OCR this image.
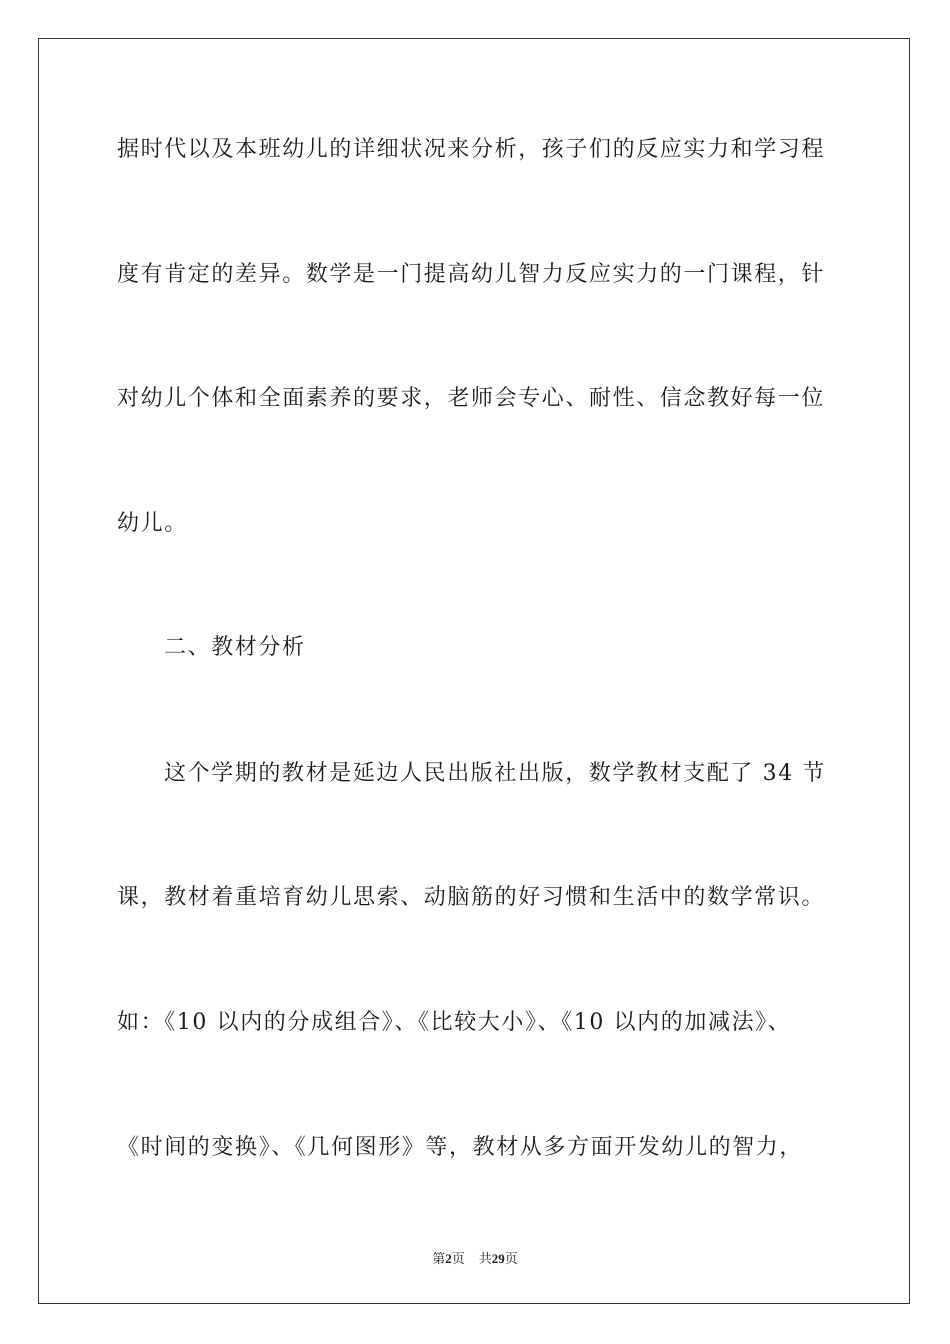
据时代以及本班幼儿的详细状况来分析，孩子们的反应实力和学习程
度有肯定的差异。数学是一门提高幼儿智力反应实力的一门课程，针
对幼儿个体和全面素养的要求，老师会专心、耐性、信念教好每一位
幼儿。
二、教材分析
这个学期的教材是延边人民出版社出版，数学教材支配了 34 节
课，教材着重培育幼儿思索、动脑筋的好习惯和生活中的数学常识。
如：《10 以内的分成组合》、《比较大小》、《10 以内的加减法》、
《时间的变换》、《几何图形》等，教材从多方面开发幼儿的智力，
第2页 共29页
